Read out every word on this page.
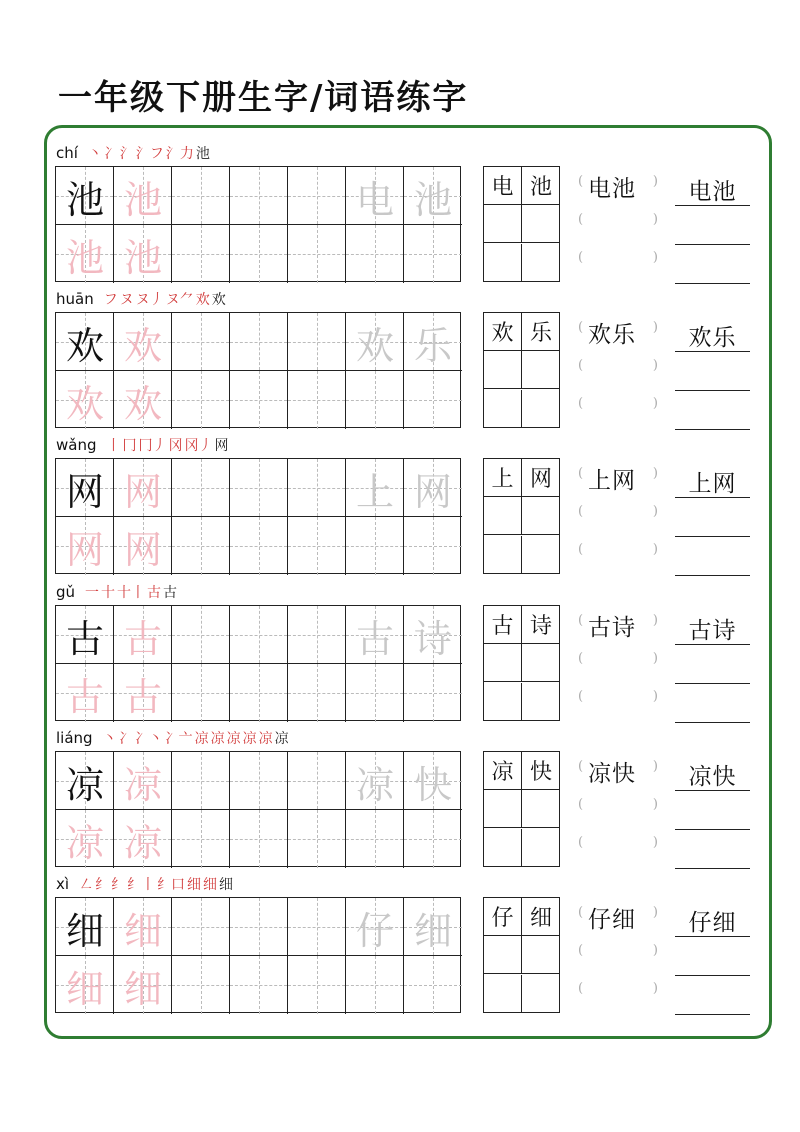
一年级下册生字/词语练字
chí 丶 冫 氵 氵フ 氵力 池
池 池	电 池
池 池
电 池	(	)
电池
(	)
(	)
电池
huān フ ヌ ヌ丿 ヌ⺈ 欢 欢
欢 欢	欢 乐
欢 欢
欢 乐	(	)
欢乐
(	)
(	)
欢乐
wǎng 丨 冂 冂丿 冈 冈丿 网
网 网	上 网
网 网
上 网	(	)
上网
(	)
(	)
上网
gǔ 一 十 十丨 古 古
古 古	古 诗
古 古
古 诗	(	)
古诗
(	)
(	)
古诗
liáng 丶 冫 冫丶 冫亠 凉 凉 凉 凉 凉 凉
凉 凉	凉 快
凉 凉
凉 快	(	)
凉快
(	)
(	)
凉快
xì ㇜ 纟 纟 纟丨 纟口 细 细 细
细 细	仔 细
细 细
仔 细	(	)
仔细
(	)
(	)
仔细
